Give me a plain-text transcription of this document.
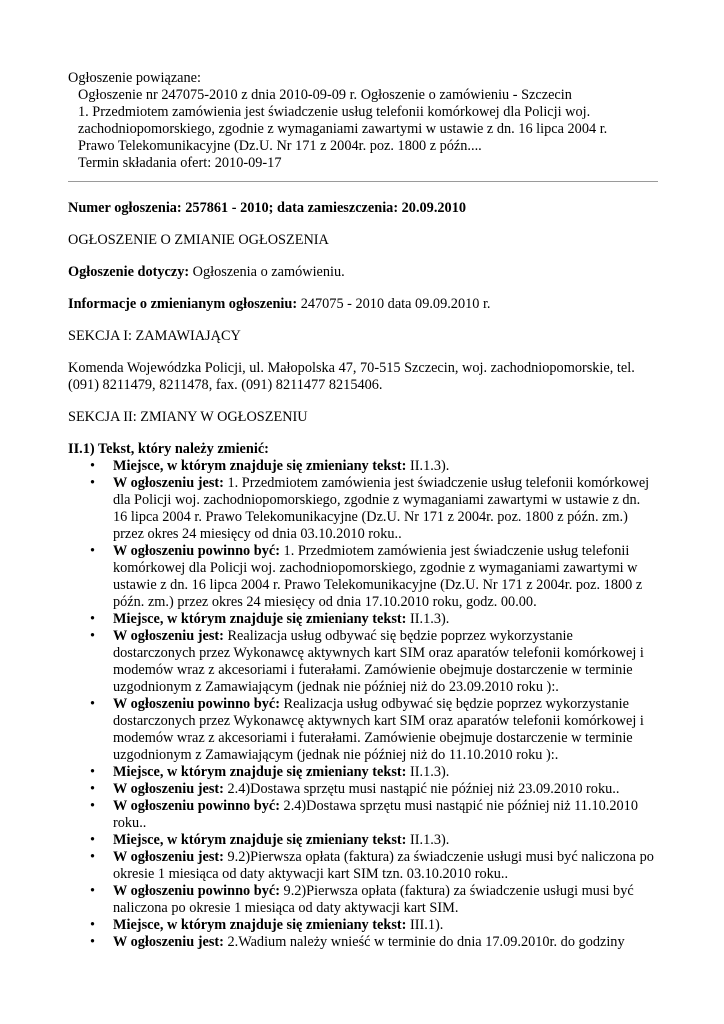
Ogłoszenie powiązane:

Ogłoszenie nr 247075-2010 z dnia 2010-09-09 r. Ogłoszenie o zamówieniu - Szczecin

1. Przedmiotem zamówienia jest świadczenie usług telefonii komórkowej dla Policji woj.

zachodniopomorskiego, zgodnie z wymaganiami zawartymi w ustawie z dn. 16 lipca 2004 r.

Prawo Telekomunikacyjne (Dz.U. Nr 171 z 2004r. poz. 1800 z późn....

Termin składania ofert: 2010-09-17

Numer ogłoszenia: 257861 - 2010; data zamieszczenia: 20.09.2010

OGŁOSZENIE O ZMIANIE OGŁOSZENIA

Ogłoszenie dotyczy: Ogłoszenia o zamówieniu.

Informacje o zmienianym ogłoszeniu: 247075 - 2010 data 09.09.2010 r.

SEKCJA I: ZAMAWIAJĄCY

Komenda Wojewódzka Policji, ul. Małopolska 47, 70-515 Szczecin, woj. zachodniopomorskie, tel. (091) 8211479, 8211478, fax. (091) 8211477 8215406.

SEKCJA II: ZMIANY W OGŁOSZENIU

II.1) Tekst, który należy zmienić:

• Miejsce, w którym znajduje się zmieniany tekst: II.1.3).
• W ogłoszeniu jest: 1. Przedmiotem zamówienia jest świadczenie usług telefonii komórkowej dla Policji woj. zachodniopomorskiego, zgodnie z wymaganiami zawartymi w ustawie z dn. 16 lipca 2004 r. Prawo Telekomunikacyjne (Dz.U. Nr 171 z 2004r. poz. 1800 z późn. zm.) przez okres 24 miesięcy od dnia 03.10.2010 roku..
• W ogłoszeniu powinno być: 1. Przedmiotem zamówienia jest świadczenie usług telefonii komórkowej dla Policji woj. zachodniopomorskiego, zgodnie z wymaganiami zawartymi w ustawie z dn. 16 lipca 2004 r. Prawo Telekomunikacyjne (Dz.U. Nr 171 z 2004r. poz. 1800 z późn. zm.) przez okres 24 miesięcy od dnia 17.10.2010 roku, godz. 00.00.
• Miejsce, w którym znajduje się zmieniany tekst: II.1.3).
• W ogłoszeniu jest: Realizacja usług odbywać się będzie poprzez wykorzystanie dostarczonych przez Wykonawcę aktywnych kart SIM oraz aparatów telefonii komórkowej i modemów wraz z akcesoriami i futerałami. Zamówienie obejmuje dostarczenie w terminie uzgodnionym z Zamawiającym (jednak nie później niż do 23.09.2010 roku ):.
• W ogłoszeniu powinno być: Realizacja usług odbywać się będzie poprzez wykorzystanie dostarczonych przez Wykonawcę aktywnych kart SIM oraz aparatów telefonii komórkowej i modemów wraz z akcesoriami i futerałami. Zamówienie obejmuje dostarczenie w terminie uzgodnionym z Zamawiającym (jednak nie później niż do 11.10.2010 roku ):.
• Miejsce, w którym znajduje się zmieniany tekst: II.1.3).
• W ogłoszeniu jest: 2.4)Dostawa sprzętu musi nastąpić nie później niż 23.09.2010 roku..
• W ogłoszeniu powinno być: 2.4)Dostawa sprzętu musi nastąpić nie później niż 11.10.2010 roku..
• Miejsce, w którym znajduje się zmieniany tekst: II.1.3).
• W ogłoszeniu jest: 9.2)Pierwsza opłata (faktura) za świadczenie usługi musi być naliczona po okresie 1 miesiąca od daty aktywacji kart SIM tzn. 03.10.2010 roku..
• W ogłoszeniu powinno być: 9.2)Pierwsza opłata (faktura) za świadczenie usługi musi być naliczona po okresie 1 miesiąca od daty aktywacji kart SIM.
• Miejsce, w którym znajduje się zmieniany tekst: III.1).
• W ogłoszeniu jest: 2.Wadium należy wnieść w terminie do dnia 17.09.2010r. do godziny
